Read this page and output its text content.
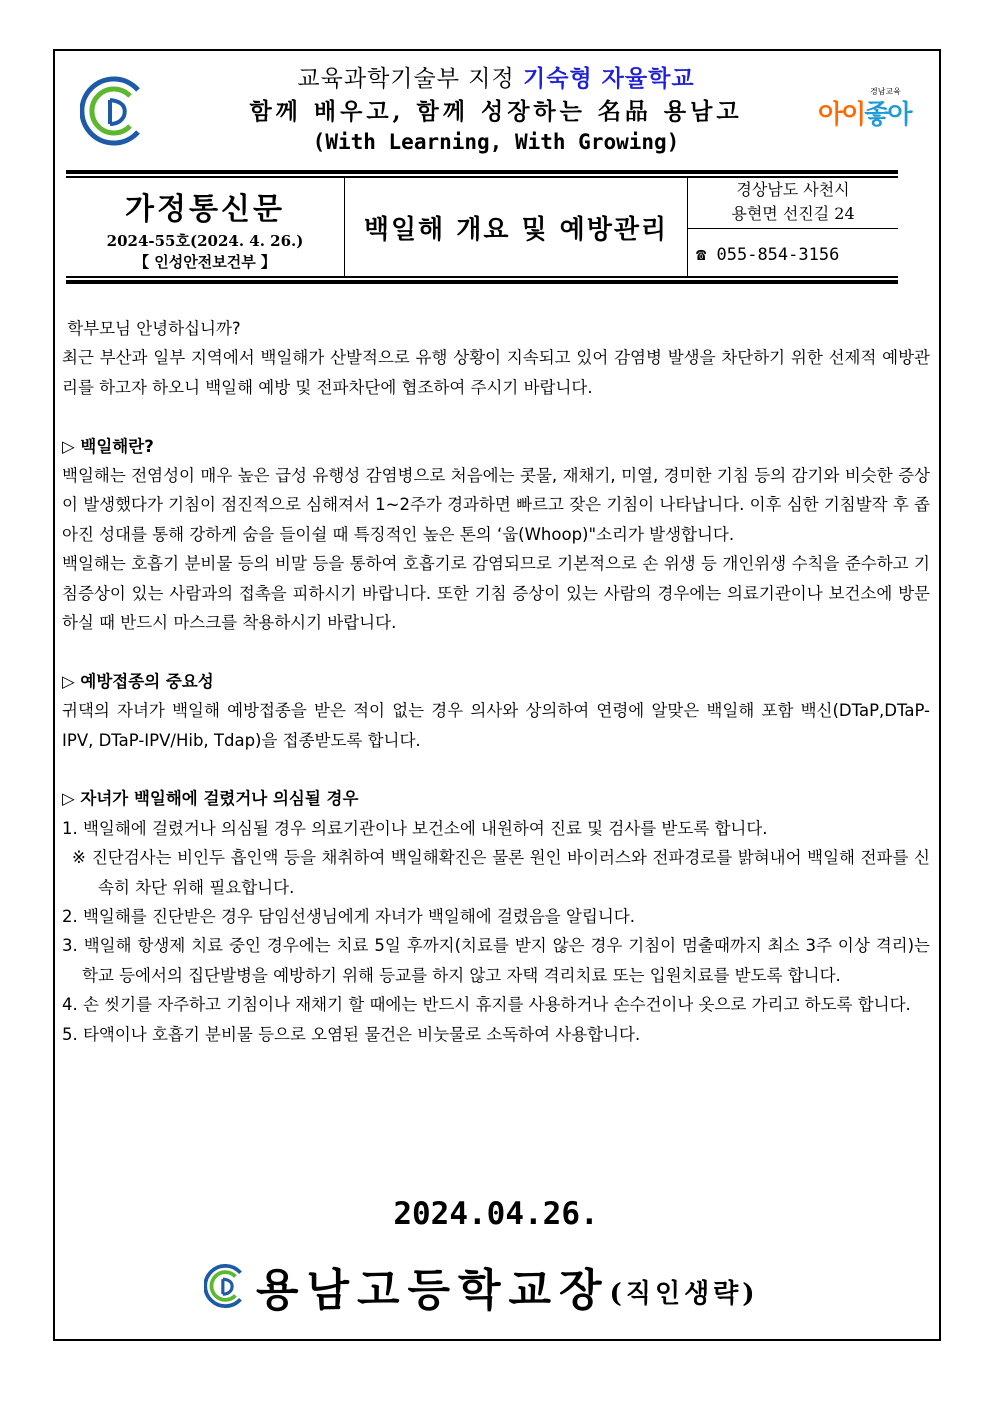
교육과학기술부 지정 기숙형 자율학교
함께 배우고, 함께 성장하는 名品 용남고
(With Learning, With Growing)
경남교육
아이좋아
가정통신문
2024-55호(2024. 4. 26.)
【 인성안전보건부 】
백일해 개요 및 예방관리
경상남도 사천시
용현면 선진길 24
☎ 055-854-3156

학부모님 안녕하십니까?

최근 부산과 일부 지역에서 백일해가 산발적으로 유행 상황이 지속되고 있어 감염병 발생을 차단하기 위한 선제적 예방관리를 하고자 하오니 백일해 예방 및 전파차단에 협조하여 주시기 바랍니다.

▷ 백일해란?

백일해는 전염성이 매우 높은 급성 유행성 감염병으로 처음에는 콧물, 재채기, 미열, 경미한 기침 등의 감기와 비슷한 증상이 발생했다가 기침이 점진적으로 심해져서 1~2주가 경과하면 빠르고 잦은 기침이 나타납니다. 이후 심한 기침발작 후 좁아진 성대를 통해 강하게 숨을 들이쉴 때 특징적인 높은 톤의 ‘웁(Whoop)"소리가 발생합니다.

백일해는 호흡기 분비물 등의 비말 등을 통하여 호흡기로 감염되므로 기본적으로 손 위생 등 개인위생 수칙을 준수하고 기침증상이 있는 사람과의 접촉을 피하시기 바랍니다. 또한 기침 증상이 있는 사람의 경우에는 의료기관이나 보건소에 방문하실 때 반드시 마스크를 착용하시기 바랍니다.

▷ 예방접종의 중요성

귀댁의 자녀가 백일해 예방접종을 받은 적이 없는 경우 의사와 상의하여 연령에 알맞은 백일해 포함 백신(DTaP,DTaP-IPV, DTaP-IPV/Hib, Tdap)을 접종받도록 합니다.

▷ 자녀가 백일해에 걸렸거나 의심될 경우

1. 백일해에 걸렸거나 의심될 경우 의료기관이나 보건소에 내원하여 진료 및 검사를 받도록 합니다.

※ 진단검사는 비인두 흡인액 등을 채취하여 백일해확진은 물론 원인 바이러스와 전파경로를 밝혀내어 백일해 전파를 신속히 차단 위해 필요합니다.

2. 백일해를 진단받은 경우 담임선생님에게 자녀가 백일해에 걸렸음을 알립니다.

3. 백일해 항생제 치료 중인 경우에는 치료 5일 후까지(치료를 받지 않은 경우 기침이 멈출때까지 최소 3주 이상 격리)는 학교 등에서의 집단발병을 예방하기 위해 등교를 하지 않고 자택 격리치료 또는 입원치료를 받도록 합니다.

4. 손 씻기를 자주하고 기침이나 재채기 할 때에는 반드시 휴지를 사용하거나 손수건이나 옷으로 가리고 하도록 합니다.

5. 타액이나 호흡기 분비물 등으로 오염된 물건은 비눗물로 소독하여 사용합니다.

2024.04.26.
용남고등학교장 (직인생략)
